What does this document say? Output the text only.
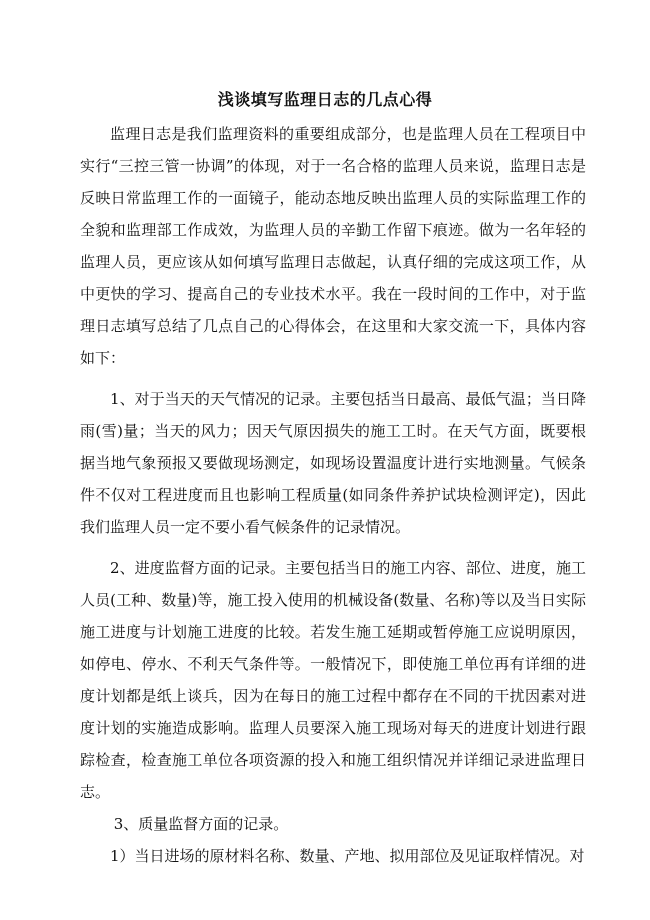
浅谈填写监理日志的几点心得

监理日志是我们监理资料的重要组成部分，也是监理人员在工程项目中实行“三控三管一协调”的体现，对于一名合格的监理人员来说，监理日志是反映日常监理工作的一面镜子，能动态地反映出监理人员的实际监理工作的全貌和监理部工作成效，为监理人员的辛勤工作留下痕迹。做为一名年轻的监理人员，更应该从如何填写监理日志做起，认真仔细的完成这项工作，从中更快的学习、提高自己的专业技术水平。我在一段时间的工作中，对于监理日志填写总结了几点自己的心得体会，在这里和大家交流一下，具体内容如下：

1、对于当天的天气情况的记录。主要包括当日最高、最低气温；当日降雨(雪)量；当天的风力；因天气原因损失的施工工时。在天气方面，既要根据当地气象预报又要做现场测定，如现场设置温度计进行实地测量。气候条件不仅对工程进度而且也影响工程质量(如同条件养护试块检测评定)，因此我们监理人员一定不要小看气候条件的记录情况。

2、进度监督方面的记录。主要包括当日的施工内容、部位、进度，施工人员(工种、数量)等，施工投入使用的机械设备(数量、名称)等以及当日实际施工进度与计划施工进度的比较。若发生施工延期或暂停施工应说明原因，如停电、停水、不利天气条件等。一般情况下，即使施工单位再有详细的进度计划都是纸上谈兵，因为在每日的施工过程中都存在不同的干扰因素对进度计划的实施造成影响。监理人员要深入施工现场对每天的进度计划进行跟踪检查，检查施工单位各项资源的投入和施工组织情况并详细记录进监理日志。

3、质量监督方面的记录。

1）当日进场的原材料名称、数量、产地、拟用部位及见证取样情况。对
